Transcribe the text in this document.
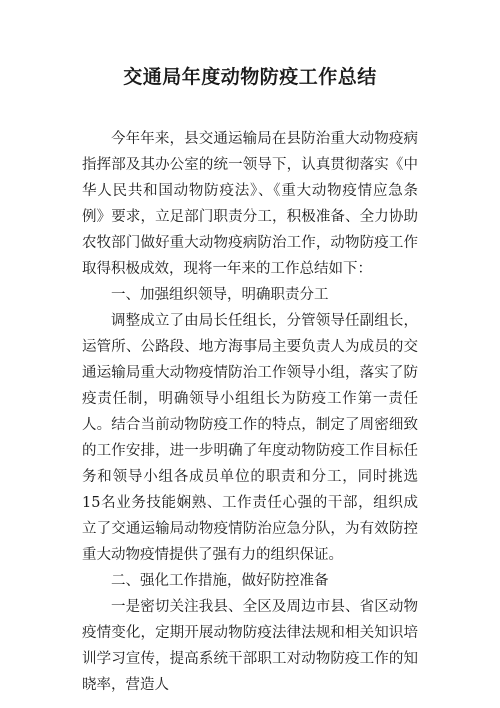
交通局年度动物防疫工作总结

今年年来，县交通运输局在县防治重大动物疫病指挥部及其办公室的统一领导下，认真贯彻落实《中华人民共和国动物防疫法》、《重大动物疫情应急条例》要求，立足部门职责分工，积极准备、全力协助农牧部门做好重大动物疫病防治工作，动物防疫工作取得积极成效，现将一年来的工作总结如下：

一、加强组织领导，明确职责分工

调整成立了由局长任组长，分管领导任副组长，运管所、公路段、地方海事局主要负责人为成员的交通运输局重大动物疫情防治工作领导小组，落实了防疫责任制，明确领导小组组长为防疫工作第一责任人。结合当前动物防疫工作的特点，制定了周密细致的工作安排，进一步明确了年度动物防疫工作目标任务和领导小组各成员单位的职责和分工，同时挑选15名业务技能娴熟、工作责任心强的干部，组织成立了交通运输局动物疫情防治应急分队，为有效防控重大动物疫情提供了强有力的组织保证。

二、强化工作措施，做好防控准备

一是密切关注我县、全区及周边市县、省区动物疫情变化，定期开展动物防疫法律法规和相关知识培训学习宣传，提高系统干部职工对动物防疫工作的知晓率，营造人
